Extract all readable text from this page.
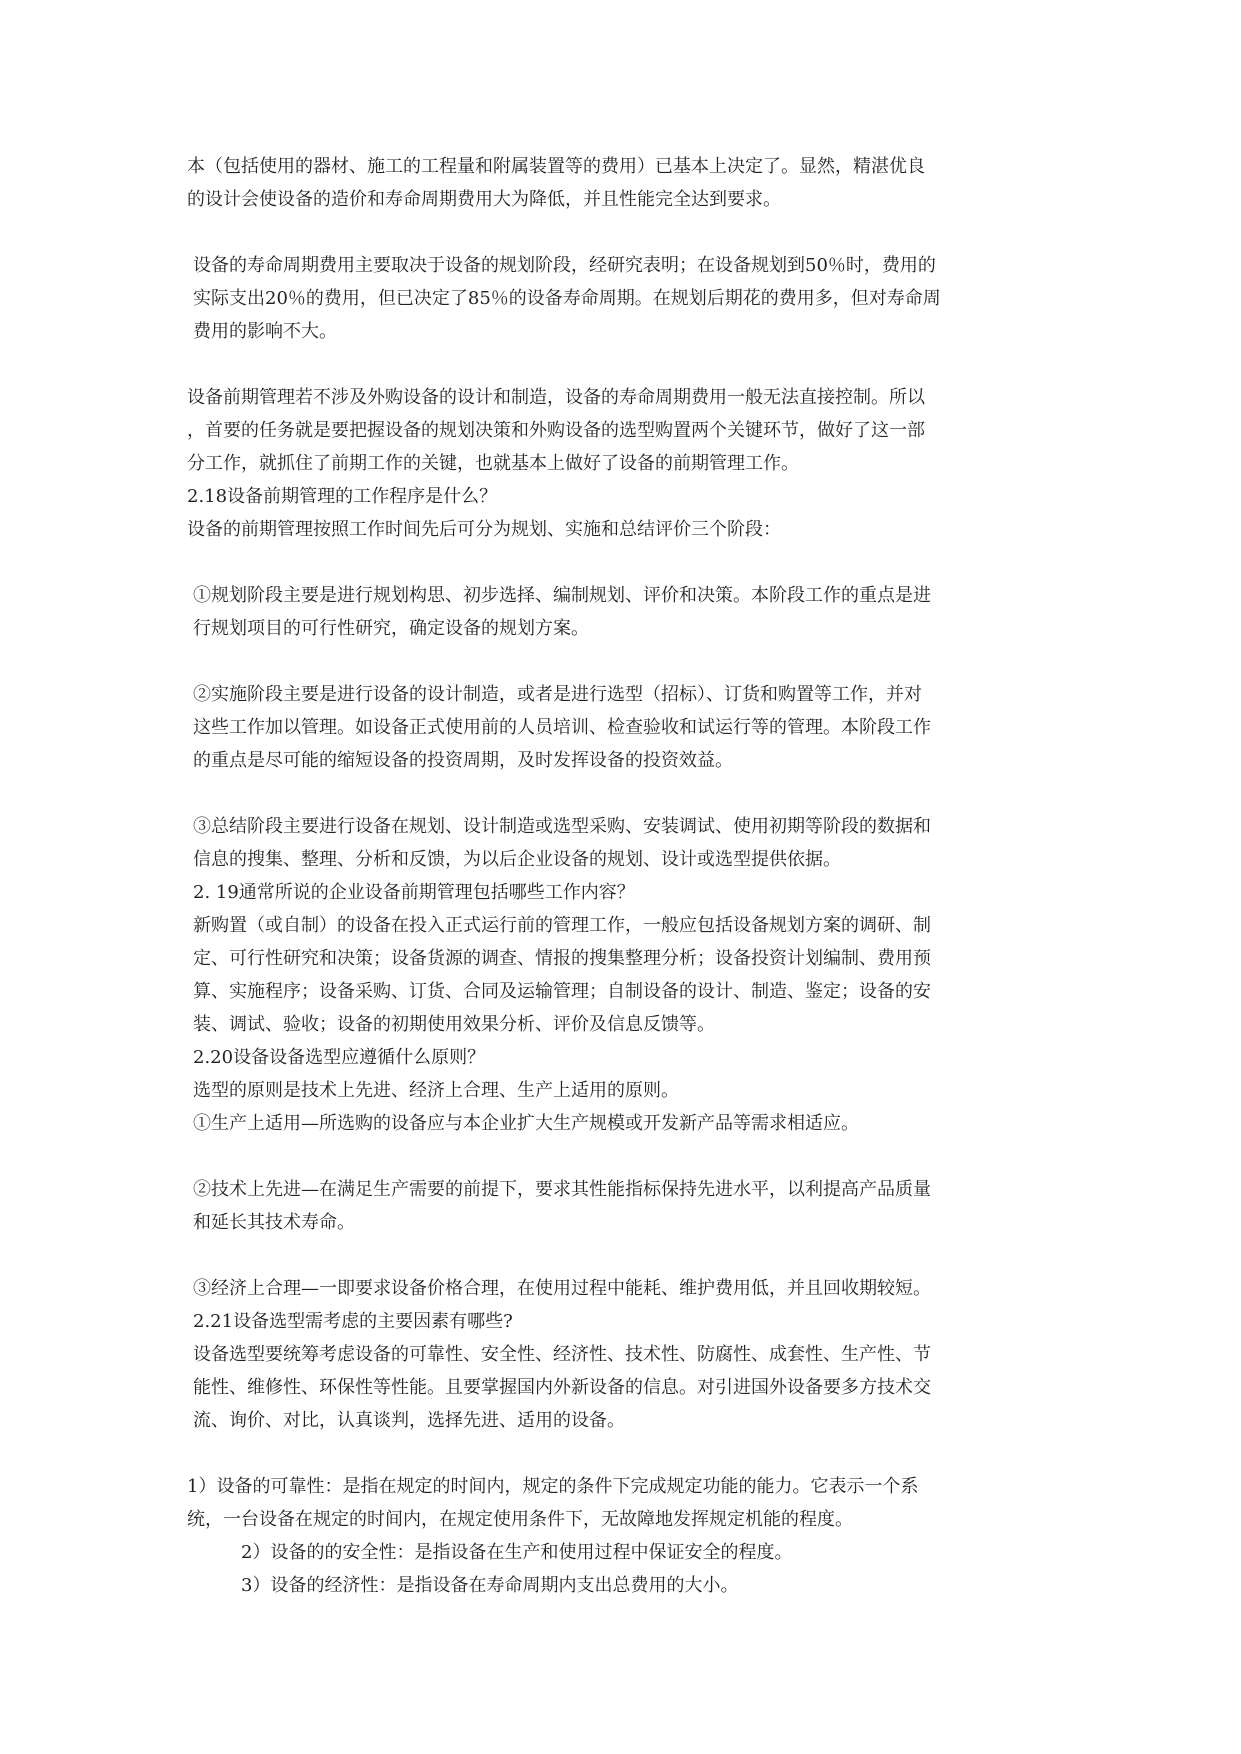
本（包括使用的器材、施工的工程量和附属装置等的费用）已基本上决定了。显然，精湛优良
的设计会使设备的造价和寿命周期费用大为降低，并且性能完全达到要求。
设备的寿命周期费用主要取决于设备的规划阶段，经研究表明；在设备规划到50％时，费用的
实际支出20％的费用，但已决定了85％的设备寿命周期。在规划后期花的费用多，但对寿命周
费用的影响不大。
设备前期管理若不涉及外购设备的设计和制造，设备的寿命周期费用一般无法直接控制。所以
，首要的任务就是要把握设备的规划决策和外购设备的选型购置两个关键环节，做好了这一部
分工作，就抓住了前期工作的关键，也就基本上做好了设备的前期管理工作。
2.18设备前期管理的工作程序是什么？
设备的前期管理按照工作时间先后可分为规划、实施和总结评价三个阶段：
①规划阶段主要是进行规划构思、初步选择、编制规划、评价和决策。本阶段工作的重点是进
行规划项目的可行性研究，确定设备的规划方案。
②实施阶段主要是进行设备的设计制造，或者是进行选型（招标）、订货和购置等工作，并对
这些工作加以管理。如设备正式使用前的人员培训、检查验收和试运行等的管理。本阶段工作
的重点是尽可能的缩短设备的投资周期，及时发挥设备的投资效益。
③总结阶段主要进行设备在规划、设计制造或选型采购、安装调试、使用初期等阶段的数据和
信息的搜集、整理、分析和反馈，为以后企业设备的规划、设计或选型提供依据。
2. 19通常所说的企业设备前期管理包括哪些工作内容？
新购置（或自制）的设备在投入正式运行前的管理工作，一般应包括设备规划方案的调研、制
定、可行性研究和决策；设备货源的调查、情报的搜集整理分析；设备投资计划编制、费用预
算、实施程序；设备采购、订货、合同及运输管理；自制设备的设计、制造、鉴定；设备的安
装、调试、验收；设备的初期使用效果分析、评价及信息反馈等。
2.20设备设备选型应遵循什么原则？
选型的原则是技术上先进、经济上合理、生产上适用的原则。
①生产上适用—所选购的设备应与本企业扩大生产规模或开发新产品等需求相适应。
②技术上先进—在满足生产需要的前提下，要求其性能指标保持先进水平，以利提高产品质量
和延长其技术寿命。
③经济上合理—一即要求设备价格合理，在使用过程中能耗、维护费用低，并且回收期较短。
2.21设备选型需考虑的主要因素有哪些?
设备选型要统筹考虑设备的可靠性、安全性、经济性、技术性、防腐性、成套性、生产性、节
能性、维修性、环保性等性能。且要掌握国内外新设备的信息。对引进国外设备要多方技术交
流、询价、对比，认真谈判，选择先进、适用的设备。
1）设备的可靠性：是指在规定的时间内，规定的条件下完成规定功能的能力。它表示一个系
统，一台设备在规定的时间内，在规定使用条件下，无故障地发挥规定机能的程度。
2）设备的的安全性：是指设备在生产和使用过程中保证安全的程度。
3）设备的经济性：是指设备在寿命周期内支出总费用的大小。
